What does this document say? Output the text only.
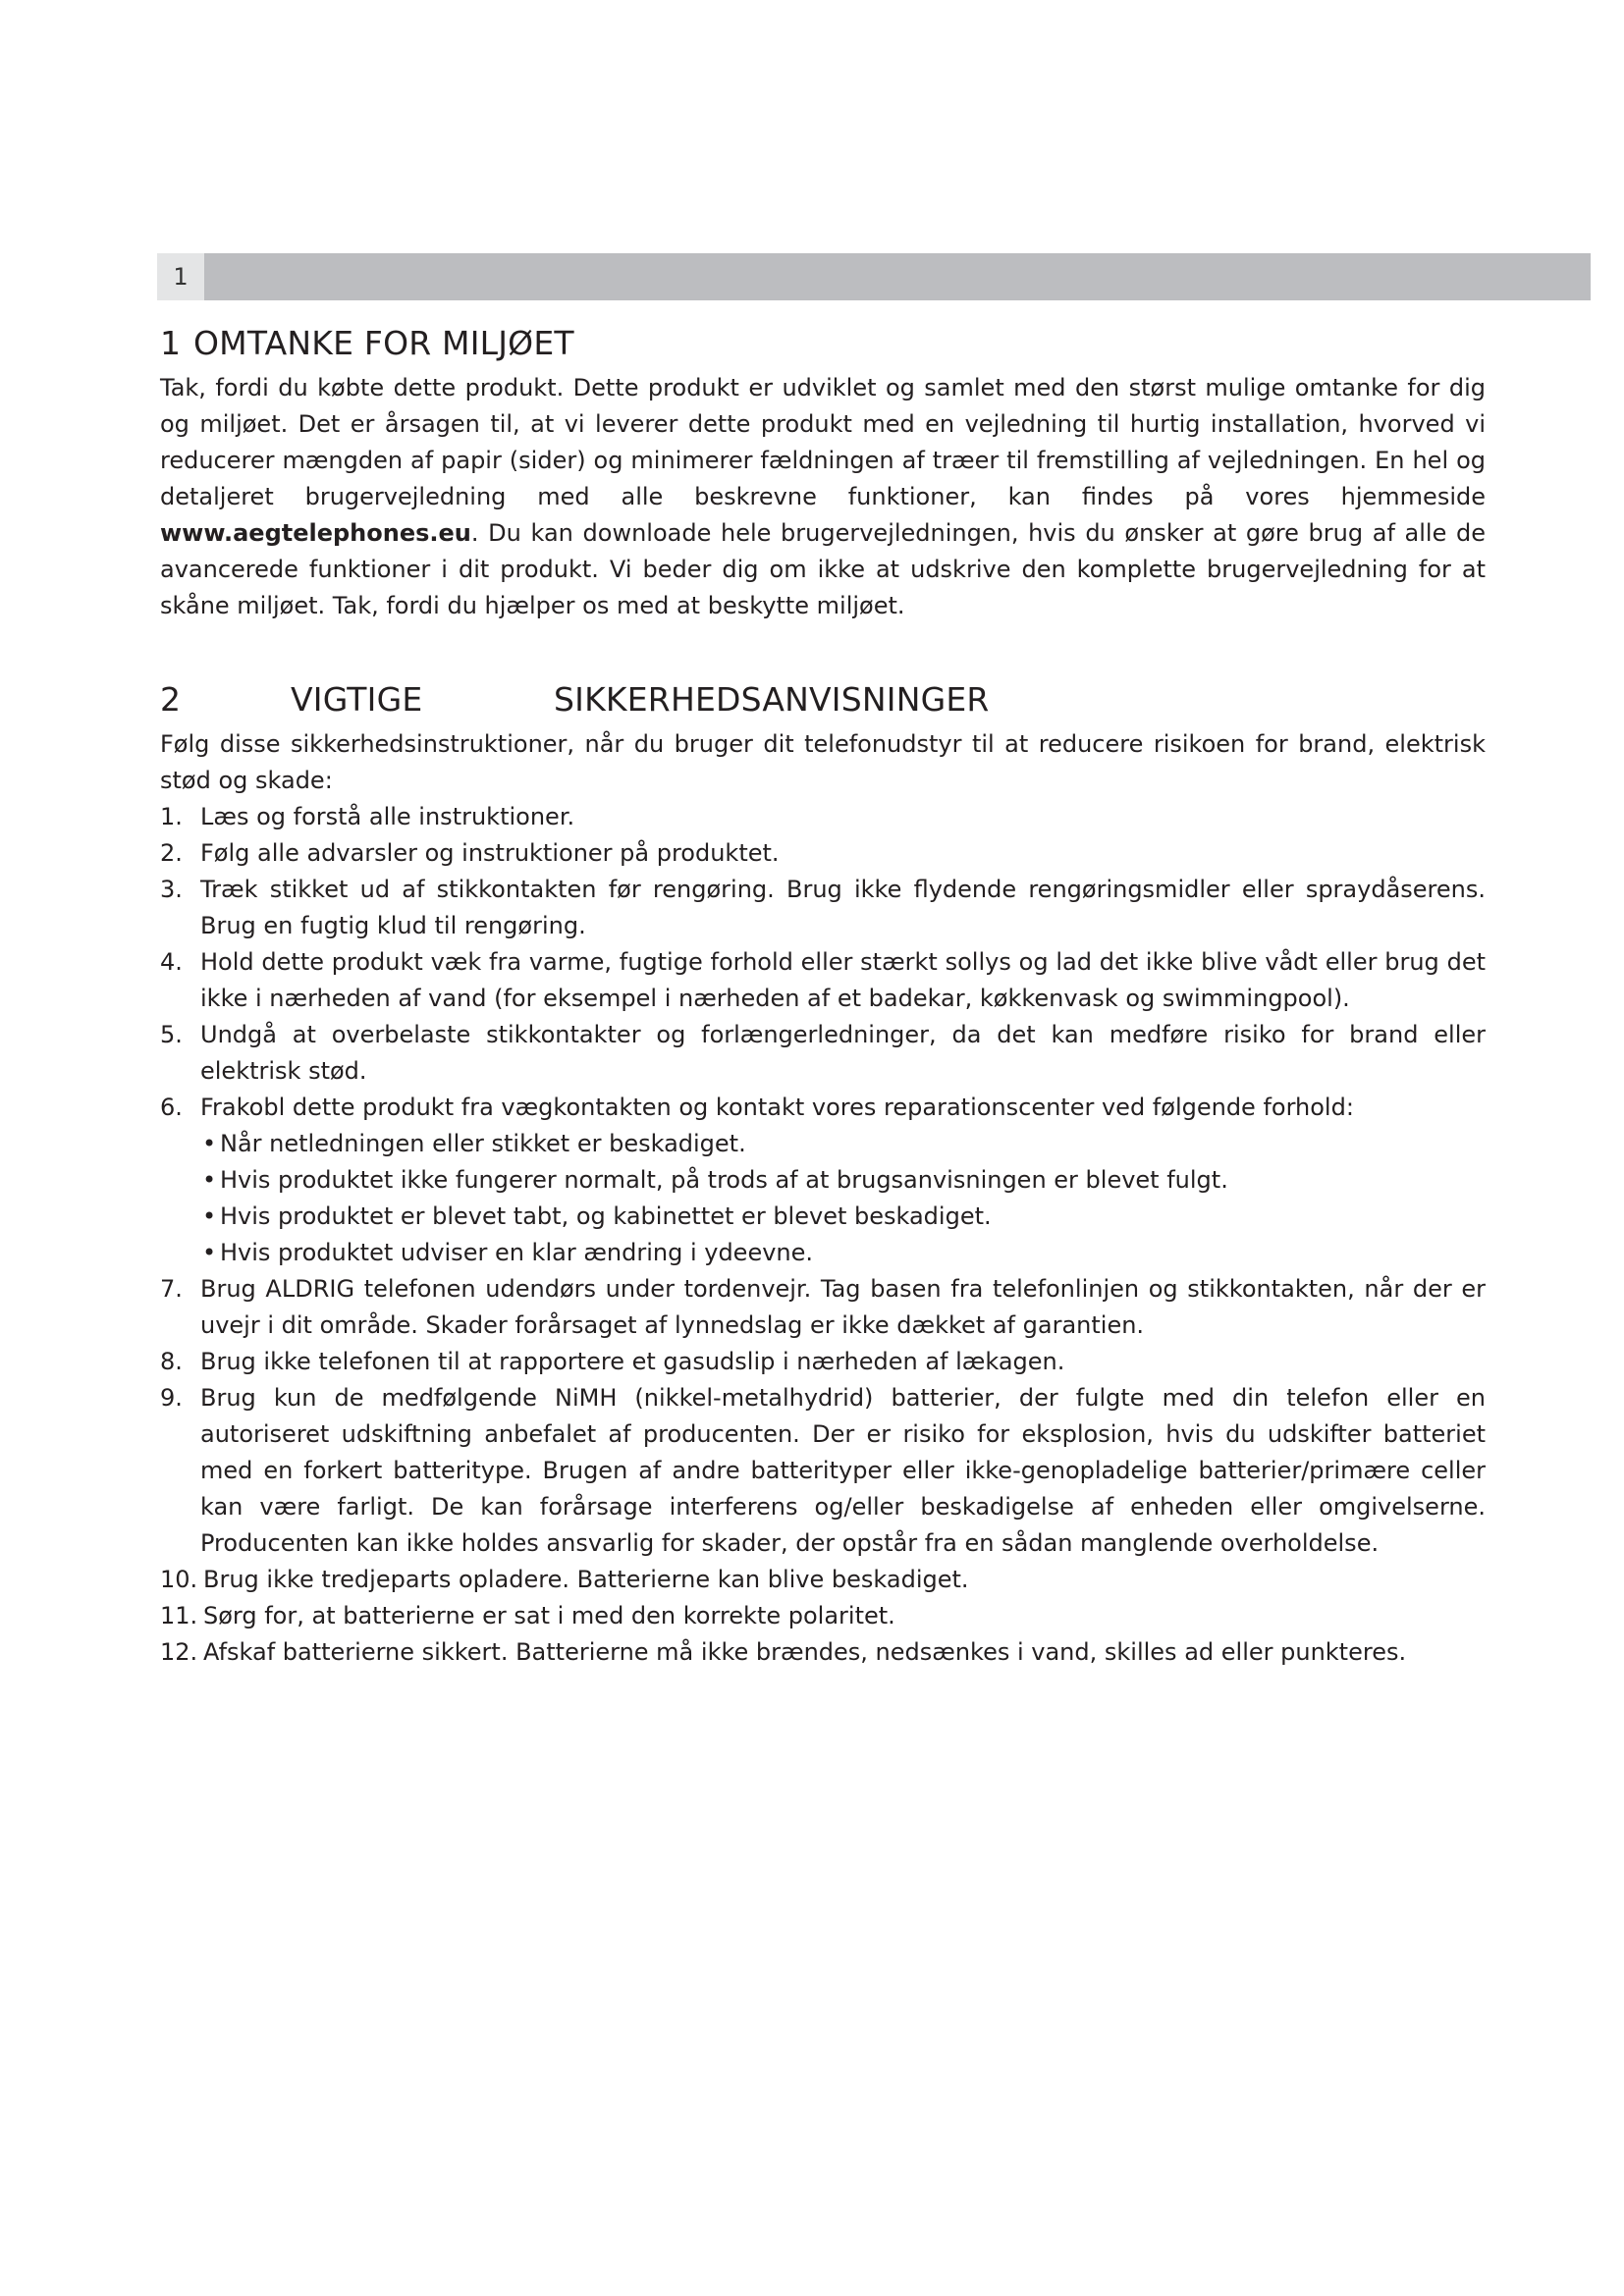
1
1 OMTANKE FOR MILJØET

Tak, fordi du købte dette produkt. Dette produkt er udviklet og samlet med den størst mulige omtanke for dig og miljøet. Det er årsagen til, at vi leverer dette produkt med en vejledning til hurtig installation, hvorved vi reducerer mængden af papir (sider) og minimerer fældningen af træer til fremstilling af vejledningen. En hel og detaljeret brugervejledning med alle beskrevne funktioner, kan findes på vores hjemmeside www.aegtelephones.eu. Du kan downloade hele brugervejledningen, hvis du ønsker at gøre brug af alle de avancerede funktioner i dit produkt. Vi beder dig om ikke at udskrive den komplette brugervejledning for at skåne miljøet. Tak, fordi du hjælper os med at beskytte miljøet.

2	VIGTIGE	SIKKERHEDSANVISNINGER

Følg disse sikkerhedsinstruktioner, når du bruger dit telefonudstyr til at reducere risikoen for brand, elektrisk stød og skade:

1. Læs og forstå alle instruktioner.
2. Følg alle advarsler og instruktioner på produktet.
3. Træk stikket ud af stikkontakten før rengøring. Brug ikke flydende rengøringsmidler eller spraydåserens. Brug en fugtig klud til rengøring.
4. Hold dette produkt væk fra varme, fugtige forhold eller stærkt sollys og lad det ikke blive vådt eller brug det ikke i nærheden af vand (for eksempel i nærheden af et badekar, køkkenvask og swimmingpool).
5. Undgå at overbelaste stikkontakter og forlængerledninger, da det kan medføre risiko for brand eller elektrisk stød.
6. Frakobl dette produkt fra vægkontakten og kontakt vores reparationscenter ved følgende forhold:
• Når netledningen eller stikket er beskadiget.
• Hvis produktet ikke fungerer normalt, på trods af at brugsanvisningen er blevet fulgt.
• Hvis produktet er blevet tabt, og kabinettet er blevet beskadiget.
• Hvis produktet udviser en klar ændring i ydeevne.
7. Brug ALDRIG telefonen udendørs under tordenvejr. Tag basen fra telefonlinjen og stikkontakten, når der er uvejr i dit område. Skader forårsaget af lynnedslag er ikke dækket af garantien.
8. Brug ikke telefonen til at rapportere et gasudslip i nærheden af lækagen.
9. Brug kun de medfølgende NiMH (nikkel-metalhydrid) batterier, der fulgte med din telefon eller en autoriseret udskiftning anbefalet af producenten. Der er risiko for eksplosion, hvis du udskifter batteriet med en forkert batteritype. Brugen af andre batterityper eller ikke-genopladelige batterier/primære celler kan være farligt. De kan forårsage interferens og/eller beskadigelse af enheden eller omgivelserne. Producenten kan ikke holdes ansvarlig for skader, der opstår fra en sådan manglende overholdelse.
10. Brug ikke tredjeparts opladere. Batterierne kan blive beskadiget.
11. Sørg for, at batterierne er sat i med den korrekte polaritet.
12. Afskaf batterierne sikkert. Batterierne må ikke brændes, nedsænkes i vand, skilles ad eller punkteres.
